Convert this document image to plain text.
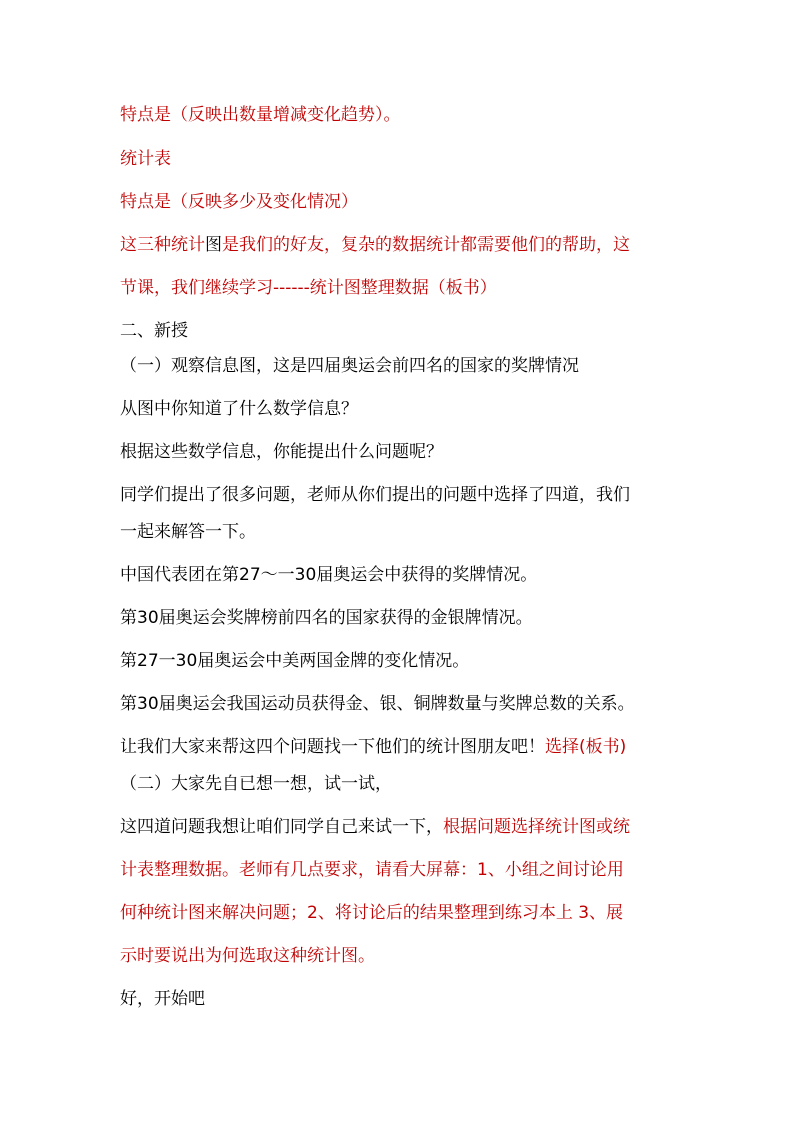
特点是（反映出数量增减变化趋势）。
统计表
特点是（反映多少及变化情况）
这三种统计图是我们的好友，复杂的数据统计都需要他们的帮助，这
节课，我们继续学习------统计图整理数据（板书）
二、新授
（一）观察信息图，这是四届奥运会前四名的国家的奖牌情况
从图中你知道了什么数学信息？
根据这些数学信息，你能提出什么问题呢？
同学们提出了很多问题，老师从你们提出的问题中选择了四道，我们
一起来解答一下。
中国代表团在第27～一30届奥运会中获得的奖牌情况。
第30届奥运会奖牌榜前四名的国家获得的金银牌情况。
第27一30届奥运会中美两国金牌的变化情况。
第30届奥运会我国运动员获得金、银、铜牌数量与奖牌总数的关系。
让我们大家来帮这四个问题找一下他们的统计图朋友吧！选择(板书)
（二）大家先自已想一想，试一试，
这四道问题我想让咱们同学自己来试一下，根据问题选择统计图或统
计表整理数据。老师有几点要求，请看大屏幕：1、小组之间讨论用
何种统计图来解决问题；2、将讨论后的结果整理到练习本上 3、展
示时要说出为何选取这种统计图。
好，开始吧
